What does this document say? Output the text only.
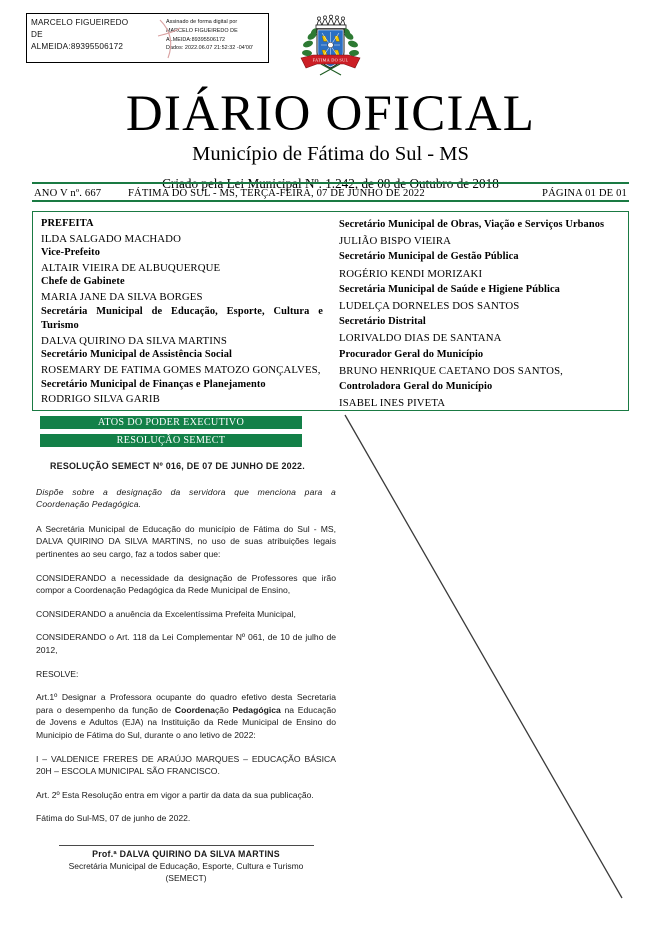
MARCELO FIGUEIREDO
DE
ALMEIDA:89395506172
Assinado de forma digital por
MARCELO FIGUEIREDO DE
ALMEIDA:89395506172
Dados: 2022.06.07 21:52:32 -04'00'
FATIMA DO SUL
DIÁRIO OFICIAL
Município de Fátima do Sul - MS
Criado pela Lei Municipal Nº. 1.242, de 08 de Outubro de 2018
ANO V nº. 667	FÁTIMA DO SUL - MS, TERÇA-FEIRA, 07 DE JUNHO DE 2022	PÁGINA 01 DE 01
PREFEITA
ILDA SALGADO MACHADO
Vice-Prefeito
ALTAIR VIEIRA DE ALBUQUERQUE
Chefe de Gabinete
MARIA JANE DA SILVA BORGES
Secretária Municipal de Educação, Esporte, Cultura e Turismo
DALVA QUIRINO DA SILVA MARTINS
Secretário Municipal de Assistência Social
ROSEMARY DE FATIMA GOMES MATOZO GONÇALVES,
Secretário Municipal de Finanças e Planejamento
RODRIGO SILVA GARIB
Secretário Municipal de Obras, Viação e Serviços Urbanos
JULIÃO BISPO VIEIRA
Secretário Municipal de Gestão Pública
ROGÉRIO KENDI MORIZAKI
Secretária Municipal de Saúde e Higiene Pública
LUDELÇA DORNELES DOS SANTOS
Secretário Distrital
LORIVALDO DIAS DE SANTANA
Procurador Geral do Município
BRUNO HENRIQUE CAETANO DOS SANTOS,
Controladora Geral do Município
ISABEL INES PIVETA
ATOS DO PODER EXECUTIVO
RESOLUÇÃO SEMECT
RESOLUÇÃO SEMECT Nº 016, DE 07 DE JUNHO DE 2022.
Dispõe sobre a designação da servidora que menciona para a Coordenação Pedagógica.
A Secretária Municipal de Educação do município de Fátima do Sul - MS, DALVA QUIRINO DA SILVA MARTINS, no uso de suas atribuições legais pertinentes ao seu cargo, faz a todos saber que:
CONSIDERANDO a necessidade da designação de Professores que irão compor a Coordenação Pedagógica da Rede Municipal de Ensino,
CONSIDERANDO a anuência da Excelentíssima Prefeita Municipal,
CONSIDERANDO o Art. 118 da Lei Complementar Nº 061, de 10 de julho de 2012,
RESOLVE:
Art.1º Designar a Professora ocupante do quadro efetivo desta Secretaria para o desempenho da função de Coordenação Pedagógica na Educação de Jovens e Adultos (EJA) na Instituição da Rede Municipal de Ensino do Municipio de Fátima do Sul, durante o ano letivo de 2022:
I – VALDENICE FRERES DE ARAÚJO MARQUES – EDUCAÇÃO BÁSICA 20H – ESCOLA MUNICIPAL SÃO FRANCISCO.
Art. 2º Esta Resolução entra em vigor a partir da data da sua publicação.
Fátima do Sul-MS, 07 de junho de 2022.
Prof.ª DALVA QUIRINO DA SILVA MARTINS
Secretária Municipal de Educação, Esporte, Cultura e Turismo
(SEMECT)
